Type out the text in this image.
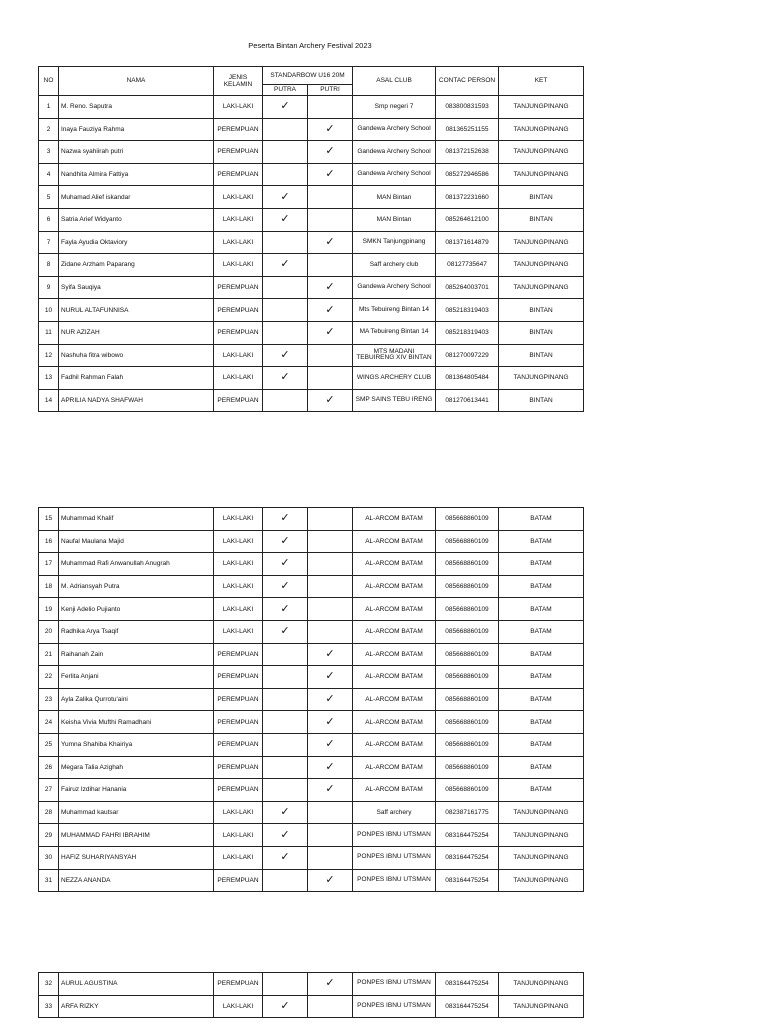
Peserta Bintan Archery Festival 2023
NO	NAMA	JENIS KELAMIN	STANDARBOW U16 20M		ASAL CLUB	CONTAC PERSON	KET
			PUTRA	PUTRI			
1	M. Reno. Saputra	LAKI-LAKI	✓		Smp negeri 7	083800831593	TANJUNGPINANG
2	Inaya Fauziya Rahma	PEREMPUAN		✓	Gandewa Archery School	081365251155	TANJUNGPINANG
3	Nazwa syahiirah putri	PEREMPUAN		✓	Gandewa Archery School	081372152638	TANJUNGPINANG
4	Nandhita Almira Fattiya	PEREMPUAN		✓	Gandewa Archery School	085272946586	TANJUNGPINANG
5	Muhamad Alief iskandar	LAKI-LAKI	✓		MAN Bintan	081372231660	BINTAN
6	Satria Arief Widyanto	LAKI-LAKI	✓		MAN Bintan	085264612100	BINTAN
7	Fayla Ayudia Oktaviory	LAKI-LAKI		✓	SMKN Tanjungpinang	081371614879	TANJUNGPINANG
8	Zidane Arzham Paparang	LAKI-LAKI	✓		Saff archery club	08127735647	TANJUNGPINANG
9	Syifa Sauqiya	PEREMPUAN		✓	Gandewa Archery School	085264003701	TANJUNGPINANG
10	NURUL ALTAFUNNISA	PEREMPUAN		✓	Mts Tebuireng Bintan 14	085218319403	BINTAN
11	NUR AZIZAH	PEREMPUAN		✓	MA Tebuireng Bintan 14	085218319403	BINTAN
12	Nashuha fitra wibowo	LAKI-LAKI	✓		MTS MADANI TEBUIRENG XIV BINTAN	081270097229	BINTAN
13	Fadhil Rahman Falah	LAKI-LAKI	✓		WINGS ARCHERY CLUB	081364805484	TANJUNGPINANG
14	APRILIA NADYA SHAFWAH	PEREMPUAN		✓	SMP SAINS TEBU IRENG	081270613441	BINTAN
15	Muhammad Khalif	LAKI-LAKI	✓		AL-ARCOM BATAM	085668860109	BATAM
16	Naufal Maulana Majid	LAKI-LAKI	✓		AL-ARCOM BATAM	085668860109	BATAM
17	Muhammad Rafi Anwanullah Anugrah	LAKI-LAKI	✓		AL-ARCOM BATAM	085668860109	BATAM
18	M. Adriansyah Putra	LAKI-LAKI	✓		AL-ARCOM BATAM	085668860109	BATAM
19	Kenji Adelio Pujianto	LAKI-LAKI	✓		AL-ARCOM BATAM	085668860109	BATAM
20	Radhika Arya Tsaqif	LAKI-LAKI	✓		AL-ARCOM BATAM	085668860109	BATAM
21	Raihanah Zain	PEREMPUAN		✓	AL-ARCOM BATAM	085668860109	BATAM
22	Ferlita Anjani	PEREMPUAN		✓	AL-ARCOM BATAM	085668860109	BATAM
23	Ayla Zalika Qurrotu'aini	PEREMPUAN		✓	AL-ARCOM BATAM	085668860109	BATAM
24	Keisha Vivia Mufthi Ramadhani	PEREMPUAN		✓	AL-ARCOM BATAM	085668860109	BATAM
25	Yumna Shahiba Khairiya	PEREMPUAN		✓	AL-ARCOM BATAM	085668860109	BATAM
26	Megara Talia Azighah	PEREMPUAN		✓	AL-ARCOM BATAM	085668860109	BATAM
27	Fairuz Izdihar Hanania	PEREMPUAN		✓	AL-ARCOM BATAM	085668860109	BATAM
28	Muhammad kautsar	LAKI-LAKI	✓		Saff archery	082387161775	TANJUNGPINANG
29	MUHAMMAD FAHRI IBRAHIM	LAKI-LAKI	✓		PONPES IBNU UTSMAN	083164475254	TANJUNGPINANG
30	HAFIZ SUHARIYANSYAH	LAKI-LAKI	✓		PONPES IBNU UTSMAN	083164475254	TANJUNGPINANG
31	NEZZA ANANDA	PEREMPUAN		✓	PONPES IBNU UTSMAN	083164475254	TANJUNGPINANG
32	AURUL AGUSTINA	PEREMPUAN		✓	PONPES IBNU UTSMAN	083164475254	TANJUNGPINANG
33	ARFA RIZKY	LAKI-LAKI	✓		PONPES IBNU UTSMAN	083164475254	TANJUNGPINANG
